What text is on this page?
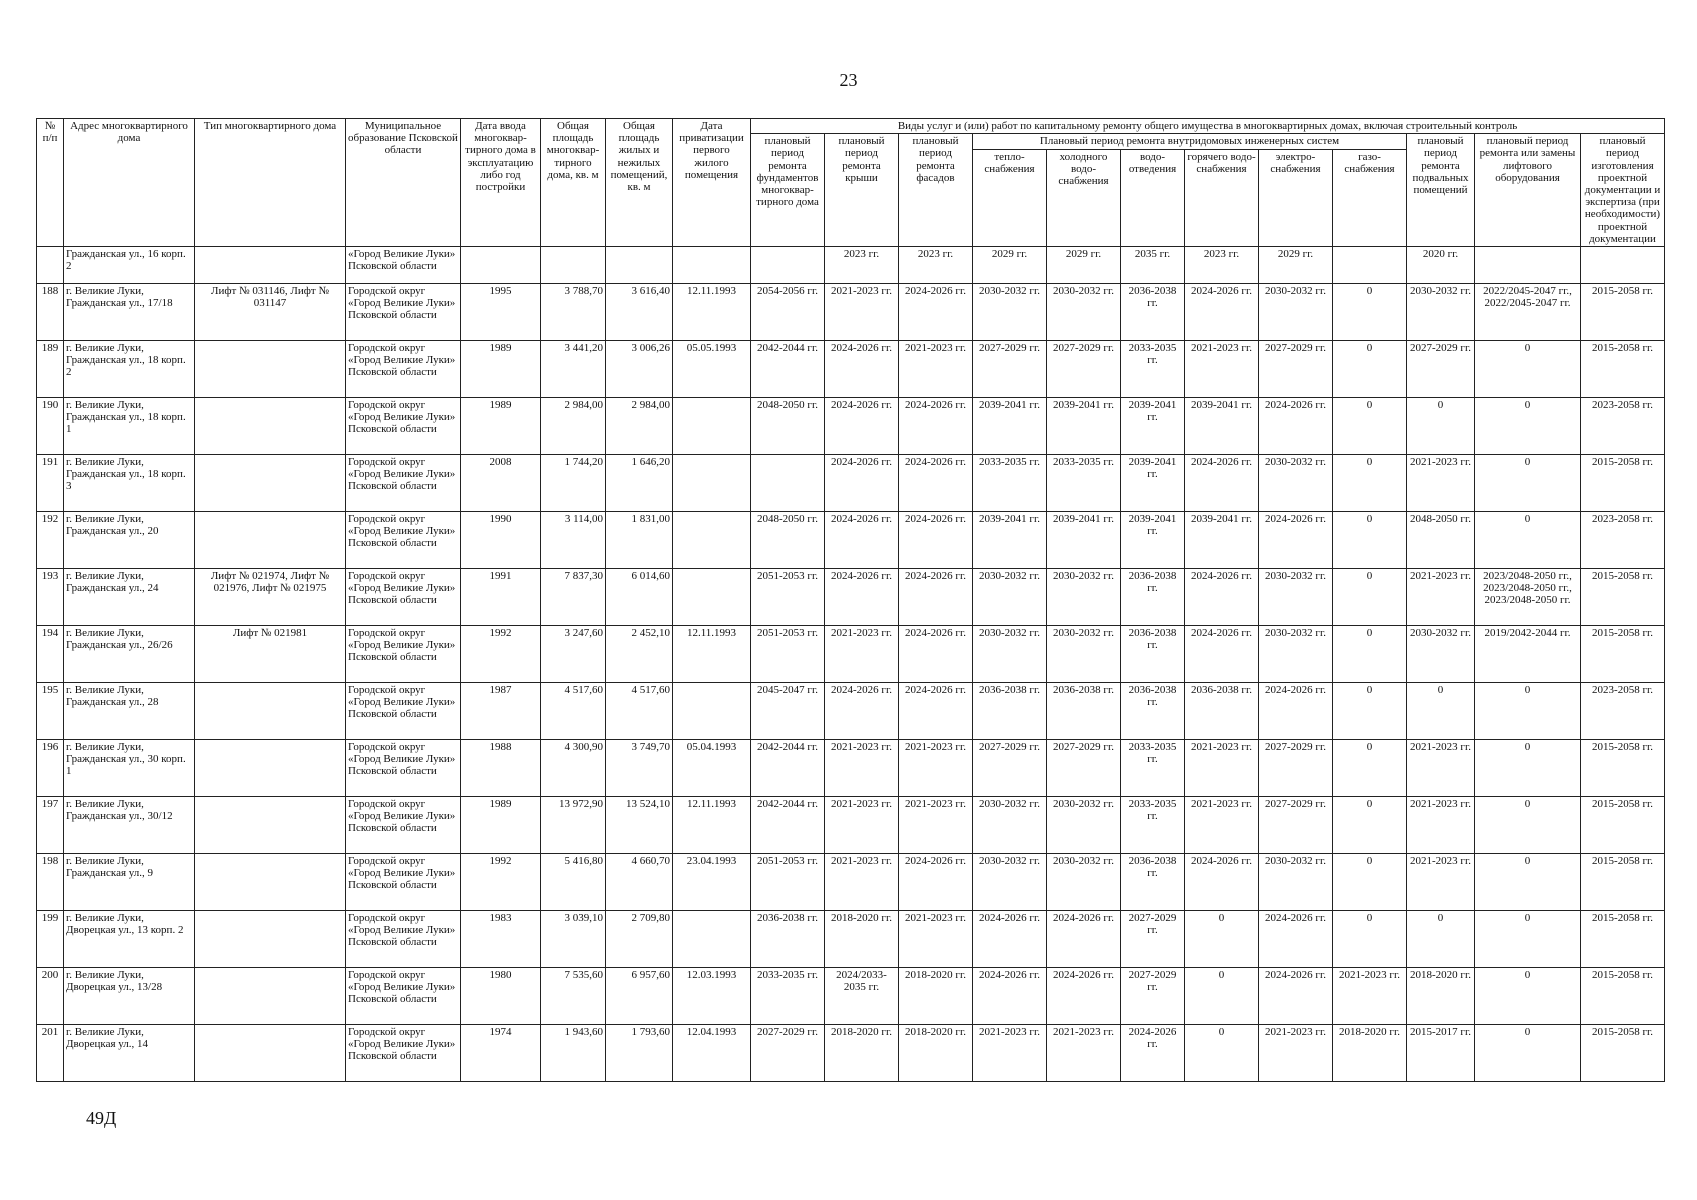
23
№ п/п	Адрес многоквартирного дома	Тип многоквартирного дома	Муниципальное образование Псковской области	Дата ввода многоквар-тирного дома в эксплуатацию либо год постройки	Общая площадь многоквар-тирного дома, кв. м	Общая площадь жилых и нежилых помещений, кв. м	Дата приватизации первого жилого помещения	Виды услуг и (или) работ по капитальному ремонту общего имущества в многоквартирных домах, включая строительный контроль											
								плановый период ремонта фундаментов многоквар-тирного дома	плановый период ремонта крыши	плановый период ремонта фасадов	Плановый период ремонта внутридомовых инженерных систем						плановый период ремонта подвальных помещений	плановый период ремонта или замены лифтового оборудования	плановый период изготовления проектной документации и экспертиза (при необходимости) проектной документации
											тепло-снабжения	холодного водо-снабжения	водо-отведения	горячего водо-снабжения	электро-снабжения	газо-снабжения			
	Гражданская ул., 16 корп. 2		«Город Великие Луки» Псковской области						2023 гг.	2023 гг.	2029 гг.	2029 гг.	2035 гг.	2023 гг.	2029 гг.		2020 гг.		
188	г. Великие Луки, Гражданская ул., 17/18	Лифт № 031146, Лифт № 031147	Городской округ «Город Великие Луки» Псковской области	1995	3 788,70	3 616,40	12.11.1993	2054-2056 гг.	2021-2023 гг.	2024-2026 гг.	2030-2032 гг.	2030-2032 гг.	2036-2038 гг.	2024-2026 гг.	2030-2032 гг.	0	2030-2032 гг.	2022/2045-2047 гг., 2022/2045-2047 гг.	2015-2058 гг.
189	г. Великие Луки, Гражданская ул., 18 корп. 2		Городской округ «Город Великие Луки» Псковской области	1989	3 441,20	3 006,26	05.05.1993	2042-2044 гг.	2024-2026 гг.	2021-2023 гг.	2027-2029 гг.	2027-2029 гг.	2033-2035 гг.	2021-2023 гг.	2027-2029 гг.	0	2027-2029 гг.	0	2015-2058 гг.
190	г. Великие Луки, Гражданская ул., 18 корп. 1		Городской округ «Город Великие Луки» Псковской области	1989	2 984,00	2 984,00		2048-2050 гг.	2024-2026 гг.	2024-2026 гг.	2039-2041 гг.	2039-2041 гг.	2039-2041 гг.	2039-2041 гг.	2024-2026 гг.	0	0	0	2023-2058 гг.
191	г. Великие Луки, Гражданская ул., 18 корп. 3		Городской округ «Город Великие Луки» Псковской области	2008	1 744,20	1 646,20			2024-2026 гг.	2024-2026 гг.	2033-2035 гг.	2033-2035 гг.	2039-2041 гг.	2024-2026 гг.	2030-2032 гг.	0	2021-2023 гг.	0	2015-2058 гг.
192	г. Великие Луки, Гражданская ул., 20		Городской округ «Город Великие Луки» Псковской области	1990	3 114,00	1 831,00		2048-2050 гг.	2024-2026 гг.	2024-2026 гг.	2039-2041 гг.	2039-2041 гг.	2039-2041 гг.	2039-2041 гг.	2024-2026 гг.	0	2048-2050 гг.	0	2023-2058 гг.
193	г. Великие Луки, Гражданская ул., 24	Лифт № 021974, Лифт № 021976, Лифт № 021975	Городской округ «Город Великие Луки» Псковской области	1991	7 837,30	6 014,60		2051-2053 гг.	2024-2026 гг.	2024-2026 гг.	2030-2032 гг.	2030-2032 гг.	2036-2038 гг.	2024-2026 гг.	2030-2032 гг.	0	2021-2023 гг.	2023/2048-2050 гг., 2023/2048-2050 гг., 2023/2048-2050 гг.	2015-2058 гг.
194	г. Великие Луки, Гражданская ул., 26/26	Лифт № 021981	Городской округ «Город Великие Луки» Псковской области	1992	3 247,60	2 452,10	12.11.1993	2051-2053 гг.	2021-2023 гг.	2024-2026 гг.	2030-2032 гг.	2030-2032 гг.	2036-2038 гг.	2024-2026 гг.	2030-2032 гг.	0	2030-2032 гг.	2019/2042-2044 гг.	2015-2058 гг.
195	г. Великие Луки, Гражданская ул., 28		Городской округ «Город Великие Луки» Псковской области	1987	4 517,60	4 517,60		2045-2047 гг.	2024-2026 гг.	2024-2026 гг.	2036-2038 гг.	2036-2038 гг.	2036-2038 гг.	2036-2038 гг.	2024-2026 гг.	0	0	0	2023-2058 гг.
196	г. Великие Луки, Гражданская ул., 30 корп. 1		Городской округ «Город Великие Луки» Псковской области	1988	4 300,90	3 749,70	05.04.1993	2042-2044 гг.	2021-2023 гг.	2021-2023 гг.	2027-2029 гг.	2027-2029 гг.	2033-2035 гг.	2021-2023 гг.	2027-2029 гг.	0	2021-2023 гг.	0	2015-2058 гг.
197	г. Великие Луки, Гражданская ул., 30/12		Городской округ «Город Великие Луки» Псковской области	1989	13 972,90	13 524,10	12.11.1993	2042-2044 гг.	2021-2023 гг.	2021-2023 гг.	2030-2032 гг.	2030-2032 гг.	2033-2035 гг.	2021-2023 гг.	2027-2029 гг.	0	2021-2023 гг.	0	2015-2058 гг.
198	г. Великие Луки, Гражданская ул., 9		Городской округ «Город Великие Луки» Псковской области	1992	5 416,80	4 660,70	23.04.1993	2051-2053 гг.	2021-2023 гг.	2024-2026 гг.	2030-2032 гг.	2030-2032 гг.	2036-2038 гг.	2024-2026 гг.	2030-2032 гг.	0	2021-2023 гг.	0	2015-2058 гг.
199	г. Великие Луки, Дворецкая ул., 13 корп. 2		Городской округ «Город Великие Луки» Псковской области	1983	3 039,10	2 709,80		2036-2038 гг.	2018-2020 гг.	2021-2023 гг.	2024-2026 гг.	2024-2026 гг.	2027-2029 гг.	0	2024-2026 гг.	0	0	0	2015-2058 гг.
200	г. Великие Луки, Дворецкая ул., 13/28		Городской округ «Город Великие Луки» Псковской области	1980	7 535,60	6 957,60	12.03.1993	2033-2035 гг.	2024/2033-2035 гг.	2018-2020 гг.	2024-2026 гг.	2024-2026 гг.	2027-2029 гг.	0	2024-2026 гг.	2021-2023 гг.	2018-2020 гг.	0	2015-2058 гг.
201	г. Великие Луки, Дворецкая ул., 14		Городской округ «Город Великие Луки» Псковской области	1974	1 943,60	1 793,60	12.04.1993	2027-2029 гг.	2018-2020 гг.	2018-2020 гг.	2021-2023 гг.	2021-2023 гг.	2024-2026 гг.	0	2021-2023 гг.	2018-2020 гг.	2015-2017 гг.	0	2015-2058 гг.
49Д
